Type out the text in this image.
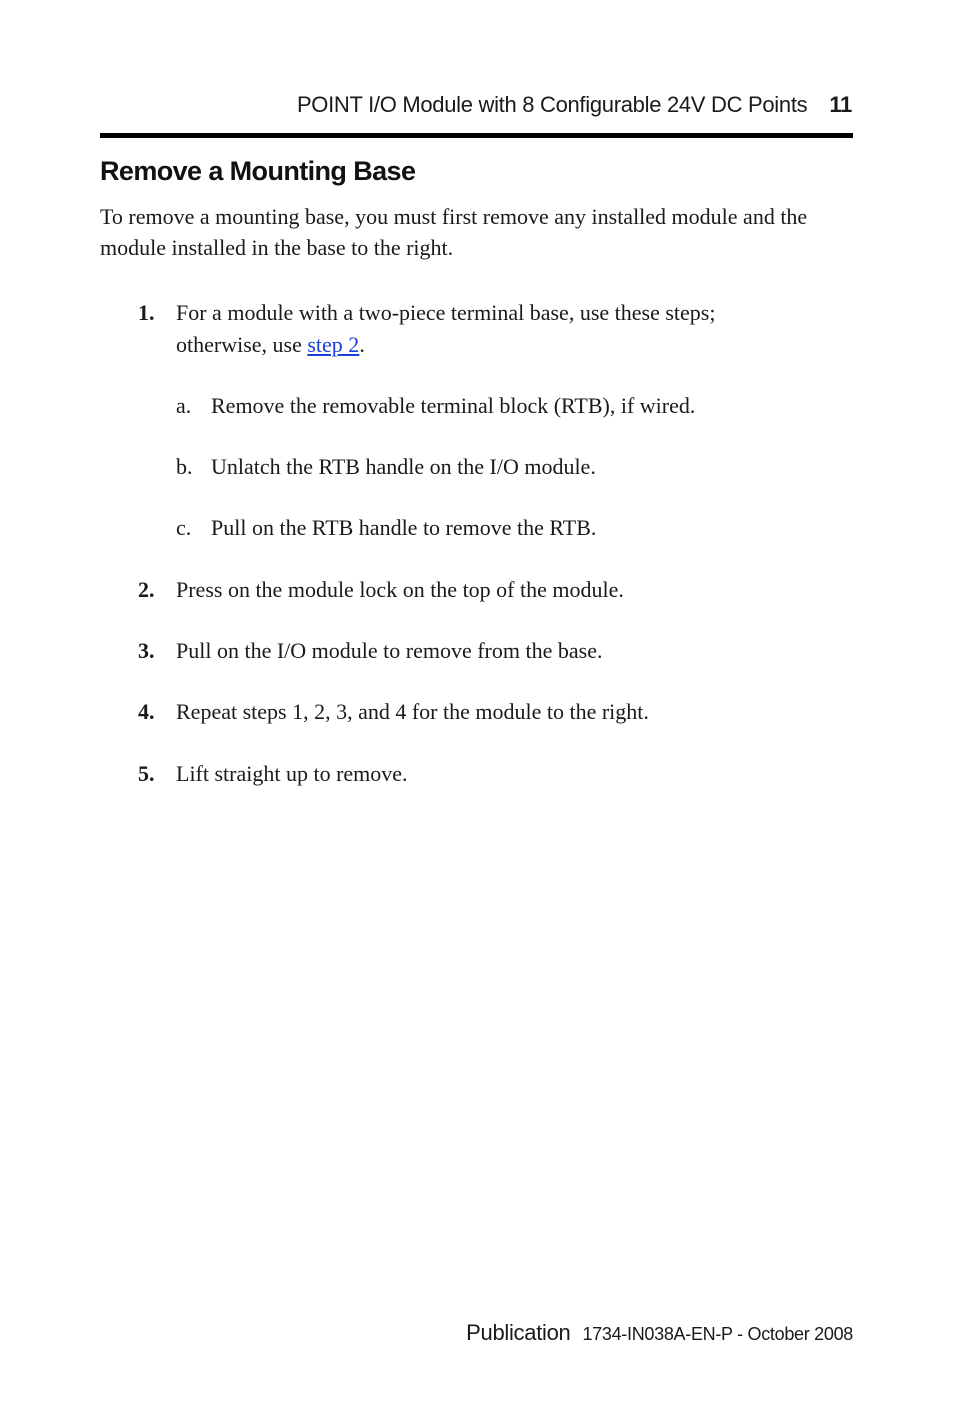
POINT I/O Module with 8 Configurable 24V DC Points 11
Remove a Mounting Base

To remove a mounting base, you must first remove any installed module and the module installed in the base to the right.

1. For a module with a two-piece terminal base, use these steps; otherwise, use step 2.
a. Remove the removable terminal block (RTB), if wired.
b. Unlatch the RTB handle on the I/O module.
c. Pull on the RTB handle to remove the RTB.
2. Press on the module lock on the top of the module.
3. Pull on the I/O module to remove from the base.
4. Repeat steps 1, 2, 3, and 4 for the module to the right.
5. Lift straight up to remove.
Publication 1734-IN038A-EN-P - October 2008
